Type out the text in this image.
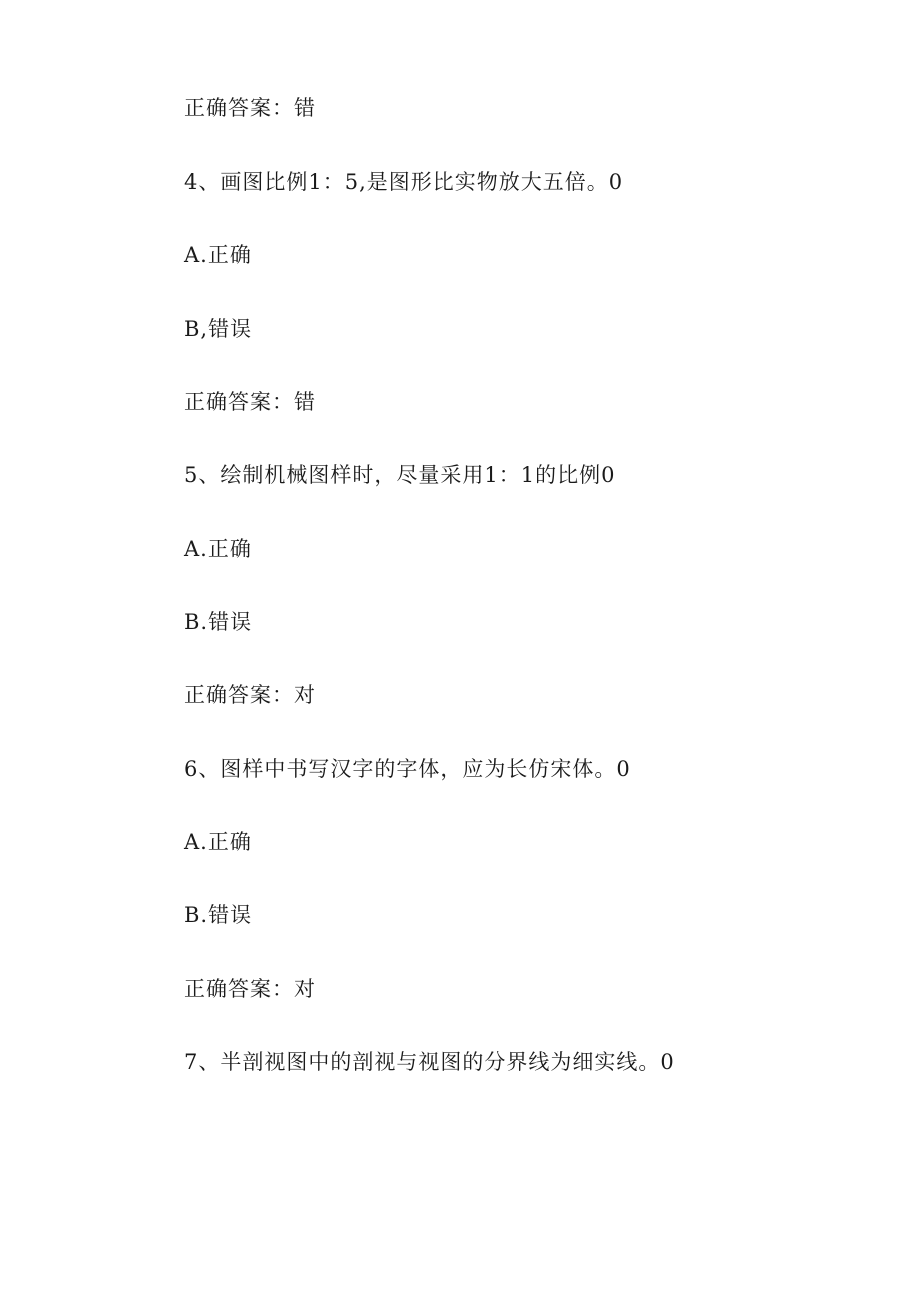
正确答案：错
4、画图比例1：5,是图形比实物放大五倍。0
A.正确
B,错误
正确答案：错
5、绘制机械图样时，尽量采用1：1的比例0
A.正确
B.错误
正确答案：对
6、图样中书写汉字的字体，应为长仿宋体。0
A.正确
B.错误
正确答案：对
7、半剖视图中的剖视与视图的分界线为细实线。0
